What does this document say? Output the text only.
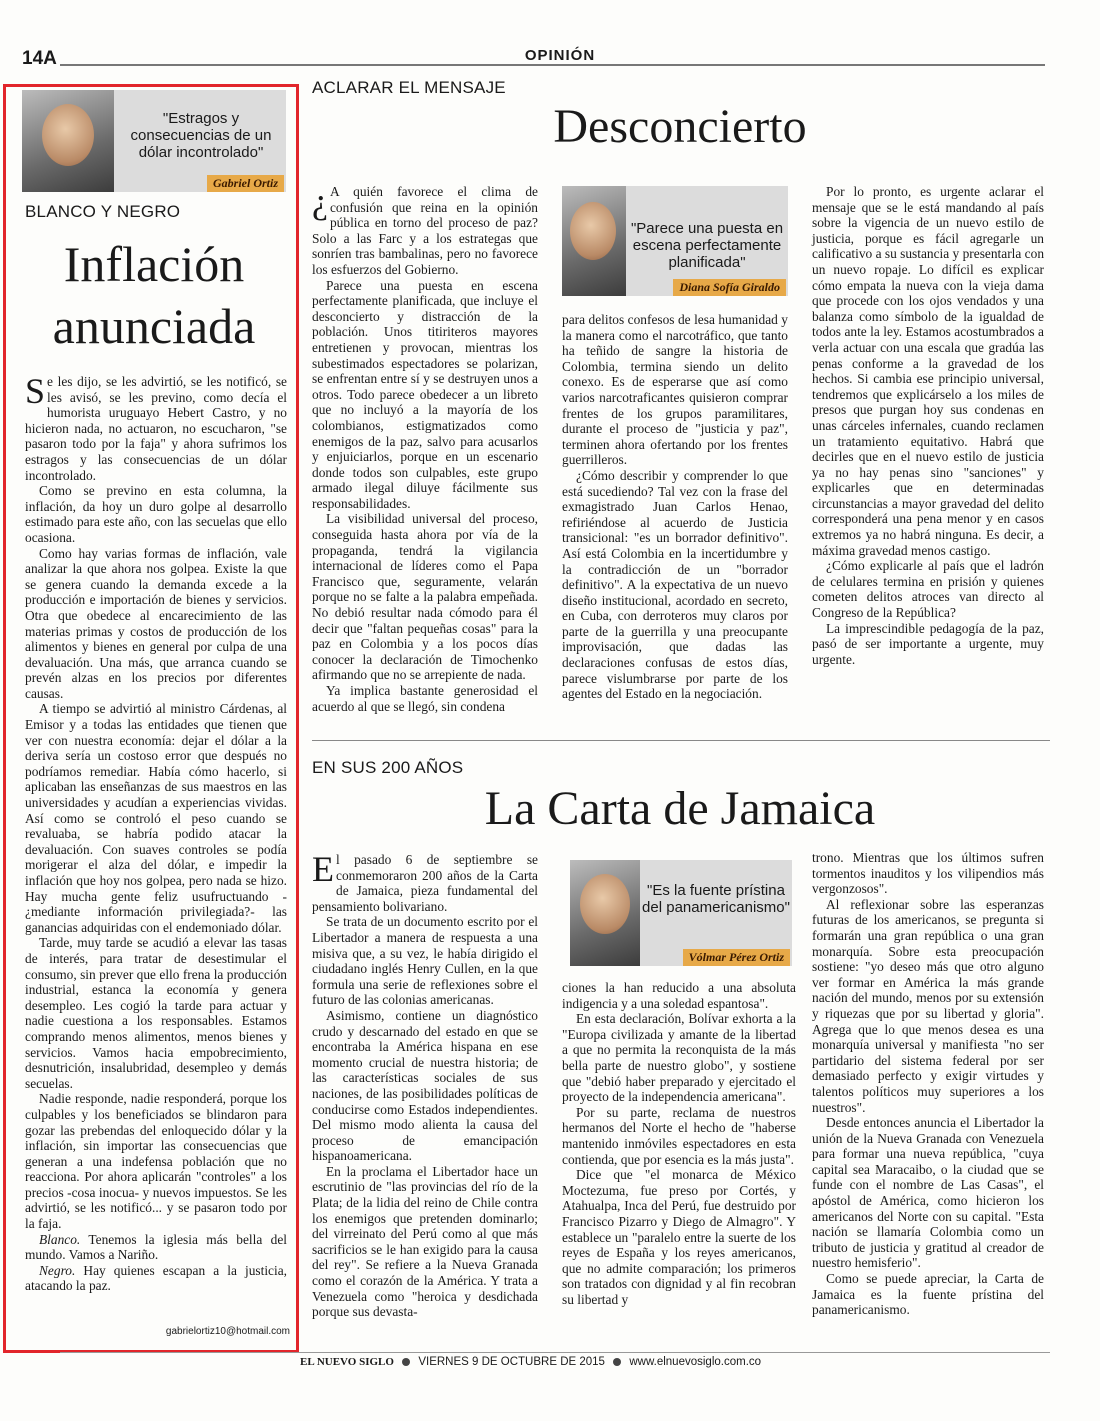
14A	OPINIÓN
"Estragos y consecuencias de un dólar incontrolado"
Gabriel Ortiz
BLANCO Y NEGRO
Inflación
anunciada

Se les dijo, se les advirtió, se les notificó, se les avisó, se les previno, como decía el humorista uruguayo Hebert Castro, y no hicieron nada, no actuaron, no escucharon, "se pasaron todo por la faja" y ahora sufrimos los estragos y las consecuencias de un dólar incontrolado.

Como se previno en esta columna, la inflación, da hoy un duro golpe al desarrollo estimado para este año, con las secuelas que ello ocasiona.

Como hay varias formas de inflación, vale analizar la que ahora nos golpea. Existe la que se genera cuando la demanda excede a la producción e importación de bienes y servicios. Otra que obedece al encarecimiento de las materias primas y costos de producción de los alimentos y bienes en general por culpa de una devaluación. Una más, que arranca cuando se prevén alzas en los precios por diferentes causas.

A tiempo se advirtió al ministro Cárdenas, al Emisor y a todas las entidades que tienen que ver con nuestra economía: dejar el dólar a la deriva sería un costoso error que después no podríamos remediar. Había cómo hacerlo, si aplicaban las enseñanzas de sus maestros en las universidades y acudían a experiencias vividas. Así como se controló el peso cuando se revaluaba, se habría podido atacar la devaluación. Con suaves controles se podía morigerar el alza del dólar, e impedir la inflación que hoy nos golpea, pero nada se hizo. Hay mucha gente feliz usufructuando -¿mediante información privilegiada?- las ganancias adquiridas con el endemoniado dólar.

Tarde, muy tarde se acudió a elevar las tasas de interés, para tratar de desestimular el consumo, sin prever que ello frena la producción industrial, estanca la economía y genera desempleo. Les cogió la tarde para actuar y nadie cuestiona a los responsables. Estamos comprando menos alimentos, menos bienes y servicios. Vamos hacia empobrecimiento, desnutrición, insalubridad, desempleo y demás secuelas.

Nadie responde, nadie responderá, porque los culpables y los beneficiados se blindaron para gozar las prebendas del enloquecido dólar y la inflación, sin importar las consecuencias que generan a una indefensa población que no reacciona. Por ahora aplicarán "controles" a los precios -cosa inocua- y nuevos impuestos. Se les advirtió, se les notificó... y se pasaron todo por la faja.

Blanco. Tenemos la iglesia más bella del mundo. Vamos a Nariño.

Negro. Hay quienes escapan a la justicia, atacando la paz.

gabrielortiz10@hotmail.com
ACLARAR EL MENSAJE
Desconcierto

¿ A quién favorece el clima de confusión que reina en la opinión pública en torno del proceso de paz? Solo a las Farc y a los estrategas que sonríen tras bambalinas, pero no favorece los esfuerzos del Gobierno.

Parece una puesta en escena perfectamente planificada, que incluye el desconcierto y distracción de la población. Unos titiriteros mayores entretienen y provocan, mientras los subestimados espectadores se polarizan, se enfrentan entre sí y se destruyen unos a otros. Todo parece obedecer a un libreto que no incluyó a la mayoría de los colombianos, estigmatizados como enemigos de la paz, salvo para acusarlos y enjuiciarlos, porque en un escenario donde todos son culpables, este grupo armado ilegal diluye fácilmente sus responsabilidades.

La visibilidad universal del proceso, conseguida hasta ahora por vía de la propaganda, tendrá la vigilancia internacional de líderes como el Papa Francisco que, seguramente, velarán porque no se falte a la palabra empeñada. No debió resultar nada cómodo para él decir que "faltan pequeñas cosas" para la paz en Colombia y a los pocos días conocer la declaración de Timochenko afirmando que no se arrepiente de nada.

Ya implica bastante generosidad el acuerdo al que se llegó, sin condena

"Parece una puesta en escena perfectamente planificada"
Diana Sofía Giraldo

para delitos confesos de lesa humanidad y la manera como el narcotráfico, que tanto ha teñido de sangre la historia de Colombia, termina siendo un delito conexo. Es de esperarse que así como varios narcotraficantes quisieron comprar frentes de los grupos paramilitares, durante el proceso de "justicia y paz", terminen ahora ofertando por los frentes guerrilleros.

¿Cómo describir y comprender lo que está sucediendo? Tal vez con la frase del exmagistrado Juan Carlos Henao, refiriéndose al acuerdo de Justicia transicional: "es un borrador definitivo". Así está Colombia en la incertidumbre y la contradicción de un "borrador definitivo". A la expectativa de un nuevo diseño institucional, acordado en secreto, en Cuba, con derroteros muy claros por parte de la guerrilla y una preocupante improvisación, que dadas las declaraciones confusas de estos días, parece vislumbrarse por parte de los agentes del Estado en la negociación.

Por lo pronto, es urgente aclarar el mensaje que se le está mandando al país sobre la vigencia de un nuevo estilo de justicia, porque es fácil agregarle un calificativo a su sustancia y presentarla con un nuevo ropaje. Lo difícil es explicar cómo empata la nueva con la vieja dama que procede con los ojos vendados y una balanza como símbolo de la igualdad de todos ante la ley. Estamos acostumbrados a verla actuar con una escala que gradúa las penas conforme a la gravedad de los hechos. Si cambia ese principio universal, tendremos que explicárselo a los miles de presos que purgan hoy sus condenas en unas cárceles infernales, cuando reclamen un tratamiento equitativo. Habrá que decirles que en el nuevo estilo de justicia ya no hay penas sino "sanciones" y explicarles que en determinadas circunstancias a mayor gravedad del delito corresponderá una pena menor y en casos extremos ya no habrá ninguna. Es decir, a máxima gravedad menos castigo.

¿Cómo explicarle al país que el ladrón de celulares termina en prisión y quienes cometen delitos atroces van directo al Congreso de la República?

La imprescindible pedagogía de la paz, pasó de ser importante a urgente, muy urgente.

EN SUS 200 AÑOS
La Carta de Jamaica

El pasado 6 de septiembre se conmemoraron 200 años de la Carta de Jamaica, pieza fundamental del pensamiento bolivariano.

Se trata de un documento escrito por el Libertador a manera de respuesta a una misiva que, a su vez, le había dirigido el ciudadano inglés Henry Cullen, en la que formula una serie de reflexiones sobre el futuro de las colonias americanas.

Asimismo, contiene un diagnóstico crudo y descarnado del estado en que se encontraba la América hispana en ese momento crucial de nuestra historia; de las características sociales de sus naciones, de las posibilidades políticas de conducirse como Estados independientes. Del mismo modo alienta la causa del proceso de emancipación hispanoamericana.

En la proclama el Libertador hace un escrutinio de "las provincias del río de la Plata; de la lidia del reino de Chile contra los enemigos que pretenden dominarlo; del virreinato del Perú como al que más sacrificios se le han exigido para la causa del rey". Se refiere a la Nueva Granada como el corazón de la América. Y trata a Venezuela como "heroica y desdichada porque sus devasta-

"Es la fuente prístina del panamericanismo"
Vólmar Pérez Ortiz

ciones la han reducido a una absoluta indigencia y a una soledad espantosa".

En esta declaración, Bolívar exhorta a la "Europa civilizada y amante de la libertad a que no permita la reconquista de la más bella parte de nuestro globo", y sostiene que "debió haber preparado y ejercitado el proyecto de la independencia americana".

Por su parte, reclama de nuestros hermanos del Norte el hecho de "haberse mantenido inmóviles espectadores en esta contienda, que por esencia es la más justa".

Dice que "el monarca de México Moctezuma, fue preso por Cortés, y Atahualpa, Inca del Perú, fue destruido por Francisco Pizarro y Diego de Almagro". Y establece un "paralelo entre la suerte de los reyes de España y los reyes americanos, que no admite comparación; los primeros son tratados con dignidad y al fin recobran su libertad y

trono. Mientras que los últimos sufren tormentos inauditos y los vilipendios más vergonzosos".

Al reflexionar sobre las esperanzas futuras de los americanos, se pregunta si formarán una gran república o una gran monarquía. Sobre esta preocupación sostiene: "yo deseo más que otro alguno ver formar en América la más grande nación del mundo, menos por su extensión y riquezas que por su libertad y gloria". Agrega que lo que menos desea es una monarquía universal y manifiesta "no ser partidario del sistema federal por ser demasiado perfecto y exigir virtudes y talentos políticos muy superiores a los nuestros".

Desde entonces anuncia el Libertador la unión de la Nueva Granada con Venezuela para formar una nueva república, "cuya capital sea Maracaibo, o la ciudad que se funde con el nombre de Las Casas", el apóstol de América, como hicieron los americanos del Norte con su capital. "Esta nación se llamaría Colombia como un tributo de justicia y gratitud al creador de nuestro hemisferio".

Como se puede apreciar, la Carta de Jamaica es la fuente prístina del panamericanismo.

EL NUEVO SIGLO VIERNES 9 DE OCTUBRE DE 2015 www.elnuevosiglo.com.co
